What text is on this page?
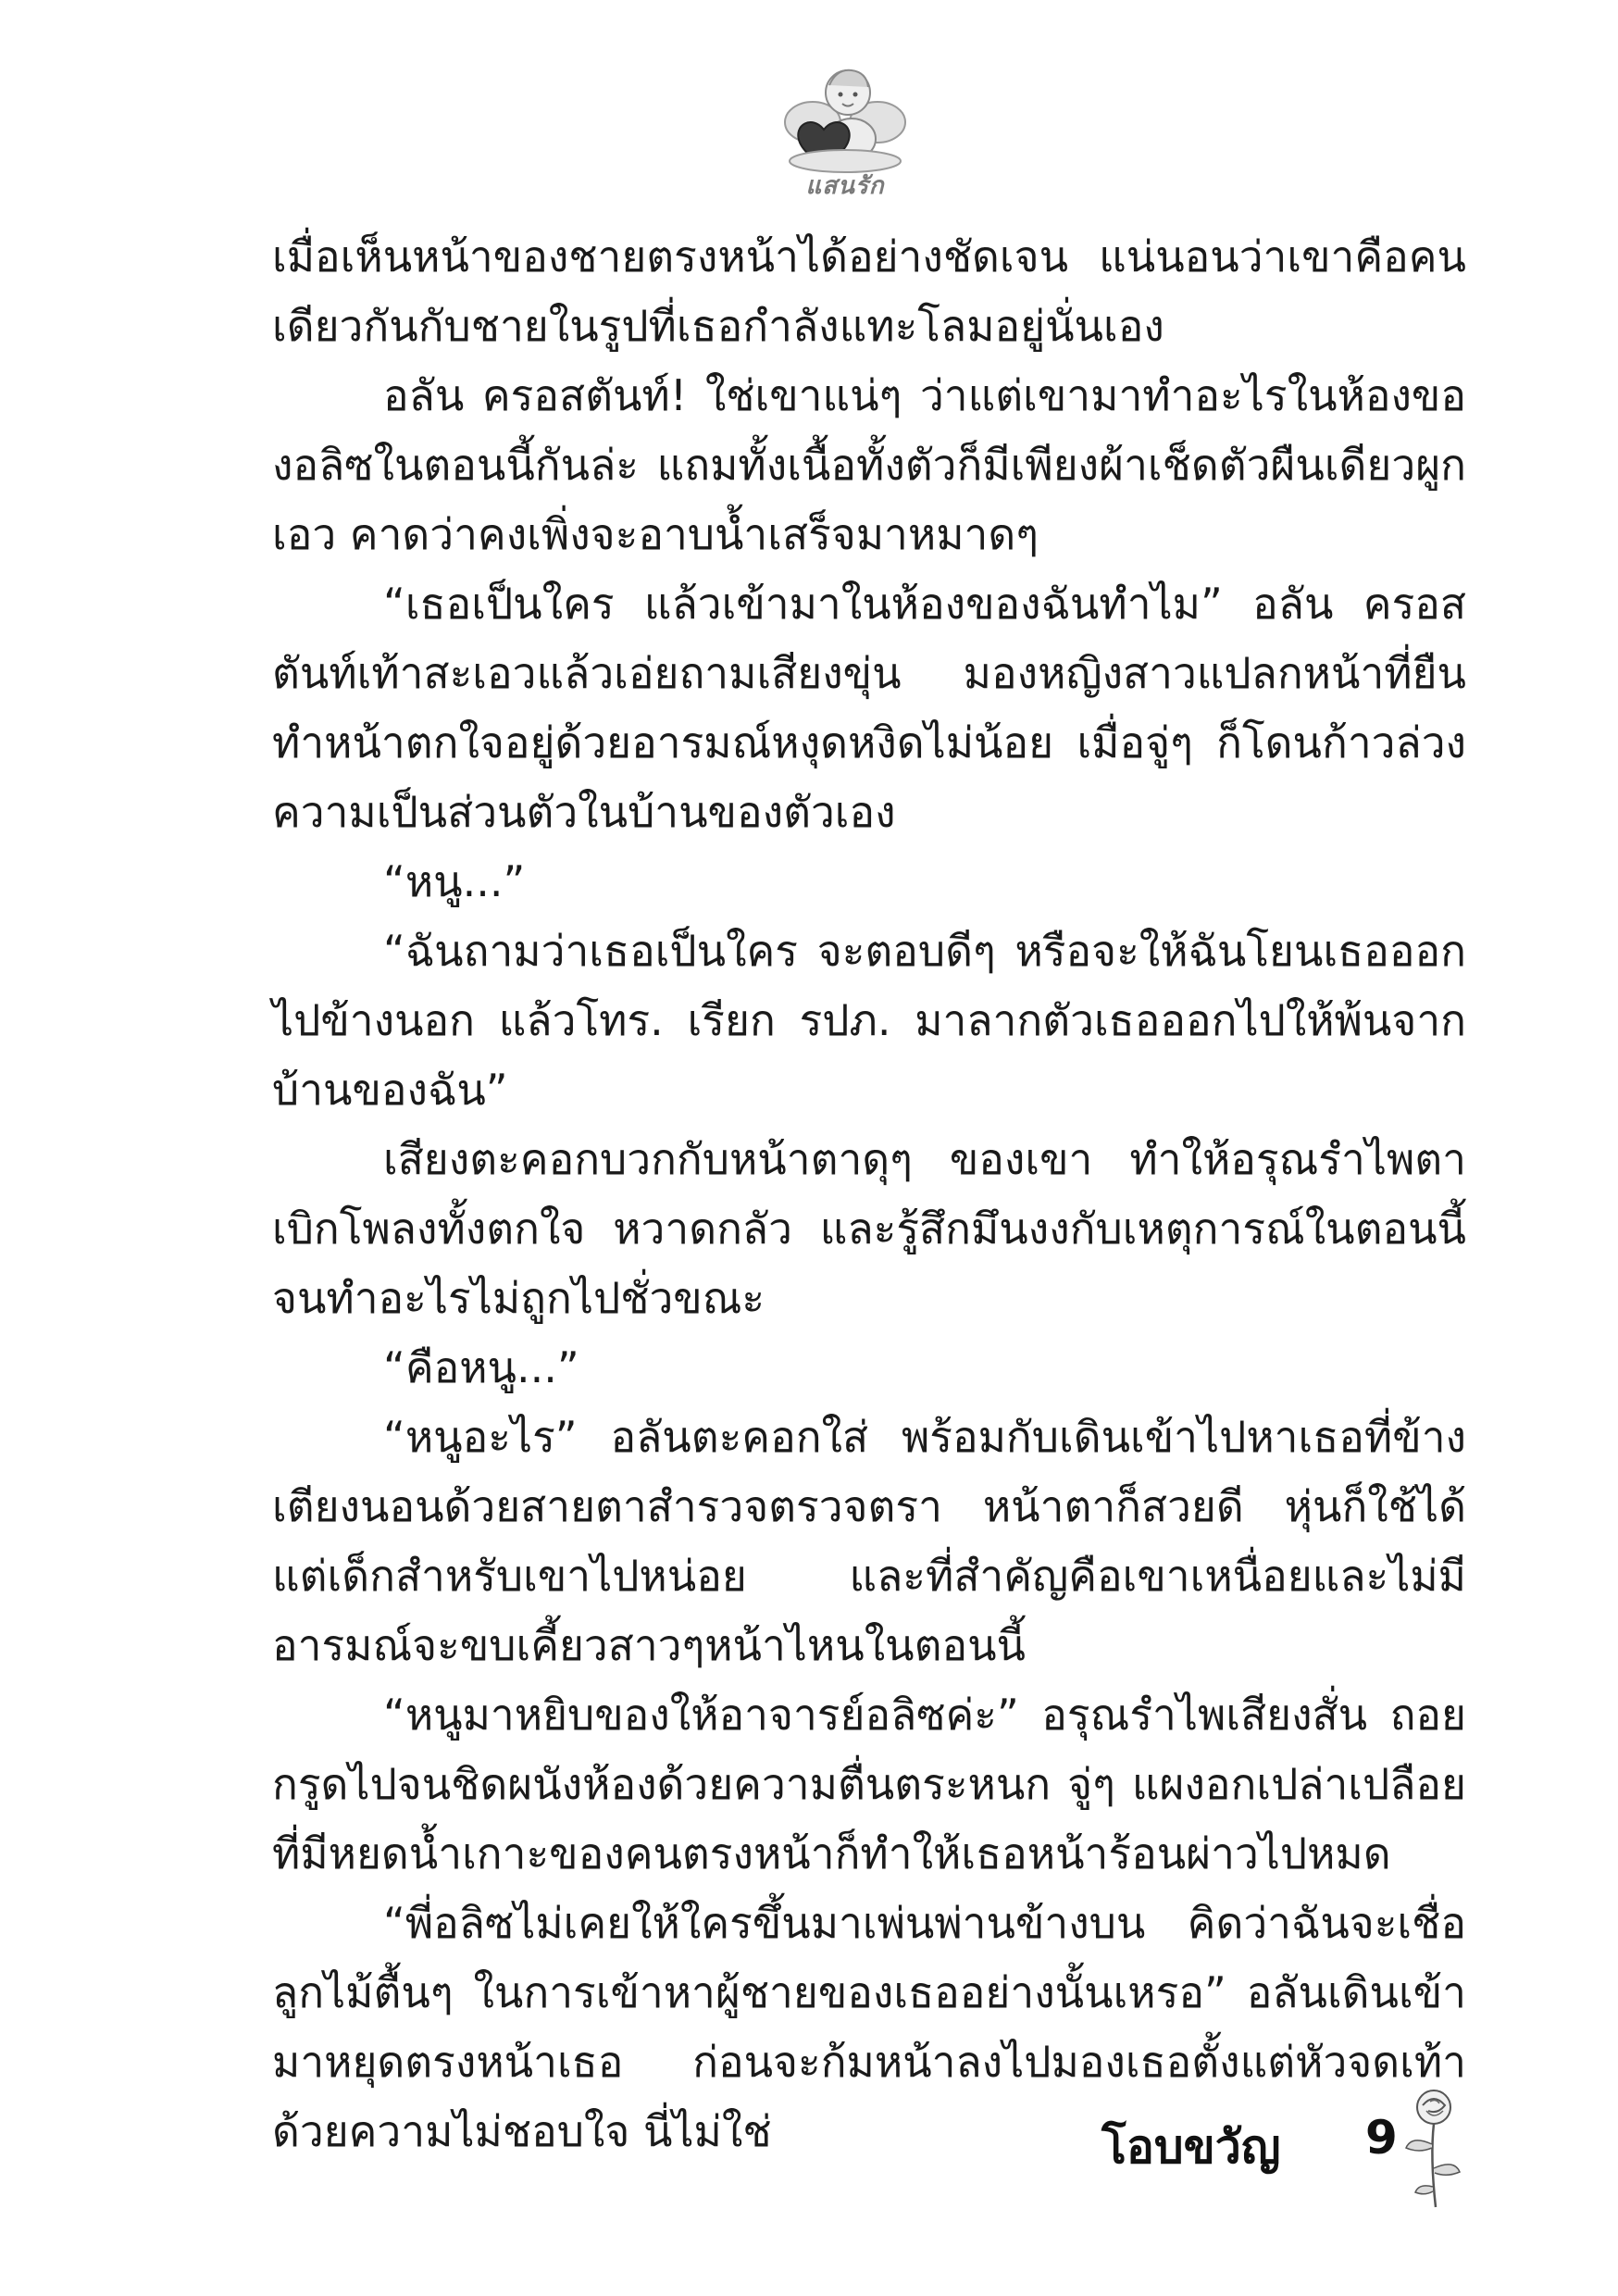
แสนรัก

เมื่อเห็นหน้าของชายตรงหน้าได้อย่างชัดเจน แน่นอนว่าเขาคือคนเดียวกันกับชายในรูปที่เธอกำลังแทะโลมอยู่นั่นเอง

อลัน ครอสตันท์! ใช่เขาแน่ๆ ว่าแต่เขามาทำอะไรในห้องของอลิซในตอนนี้กันล่ะ แถมทั้งเนื้อทั้งตัวก็มีเพียงผ้าเช็ดตัวผืนเดียวผูกเอว คาดว่าคงเพิ่งจะอาบน้ำเสร็จมาหมาดๆ

“เธอเป็นใคร แล้วเข้ามาในห้องของฉันทำไม” อลัน ครอสตันท์เท้าสะเอวแล้วเอ่ยถามเสียงขุ่น มองหญิงสาวแปลกหน้าที่ยืนทำหน้าตกใจอยู่ด้วยอารมณ์หงุดหงิดไม่น้อย เมื่อจู่ๆ ก็โดนก้าวล่วงความเป็นส่วนตัวในบ้านของตัวเอง

“หนู...”

“ฉันถามว่าเธอเป็นใคร จะตอบดีๆ หรือจะให้ฉันโยนเธอออกไปข้างนอก แล้วโทร. เรียก รปภ. มาลากตัวเธอออกไปให้พ้นจากบ้านของฉัน”

เสียงตะคอกบวกกับหน้าตาดุๆ ของเขา ทำให้อรุณรำไพตาเบิกโพลงทั้งตกใจ หวาดกลัว และรู้สึกมึนงงกับเหตุการณ์ในตอนนี้จนทำอะไรไม่ถูกไปชั่วขณะ

“คือหนู...”

“หนูอะไร” อลันตะคอกใส่ พร้อมกับเดินเข้าไปหาเธอที่ข้างเตียงนอนด้วยสายตาสำรวจตรวจตรา หน้าตาก็สวยดี หุ่นก็ใช้ได้ แต่เด็กสำหรับเขาไปหน่อย และที่สำคัญคือเขาเหนื่อยและไม่มีอารมณ์จะขบเคี้ยวสาวๆหน้าไหนในตอนนี้

“หนูมาหยิบของให้อาจารย์อลิซค่ะ” อรุณรำไพเสียงสั่น ถอยกรูดไปจนชิดผนังห้องด้วยความตื่นตระหนก จู่ๆ แผงอกเปล่าเปลือยที่มีหยดน้ำเกาะของคนตรงหน้าก็ทำให้เธอหน้าร้อนผ่าวไปหมด

“พี่อลิซไม่เคยให้ใครขึ้นมาเพ่นพ่านข้างบน คิดว่าฉันจะเชื่อลูกไม้ตื้นๆ ในการเข้าหาผู้ชายของเธออย่างนั้นเหรอ” อลันเดินเข้ามาหยุดตรงหน้าเธอ ก่อนจะก้มหน้าลงไปมองเธอตั้งแต่หัวจดเท้าด้วยความไม่ชอบใจ นี่ไม่ใช่	โอบขวัญ 9
